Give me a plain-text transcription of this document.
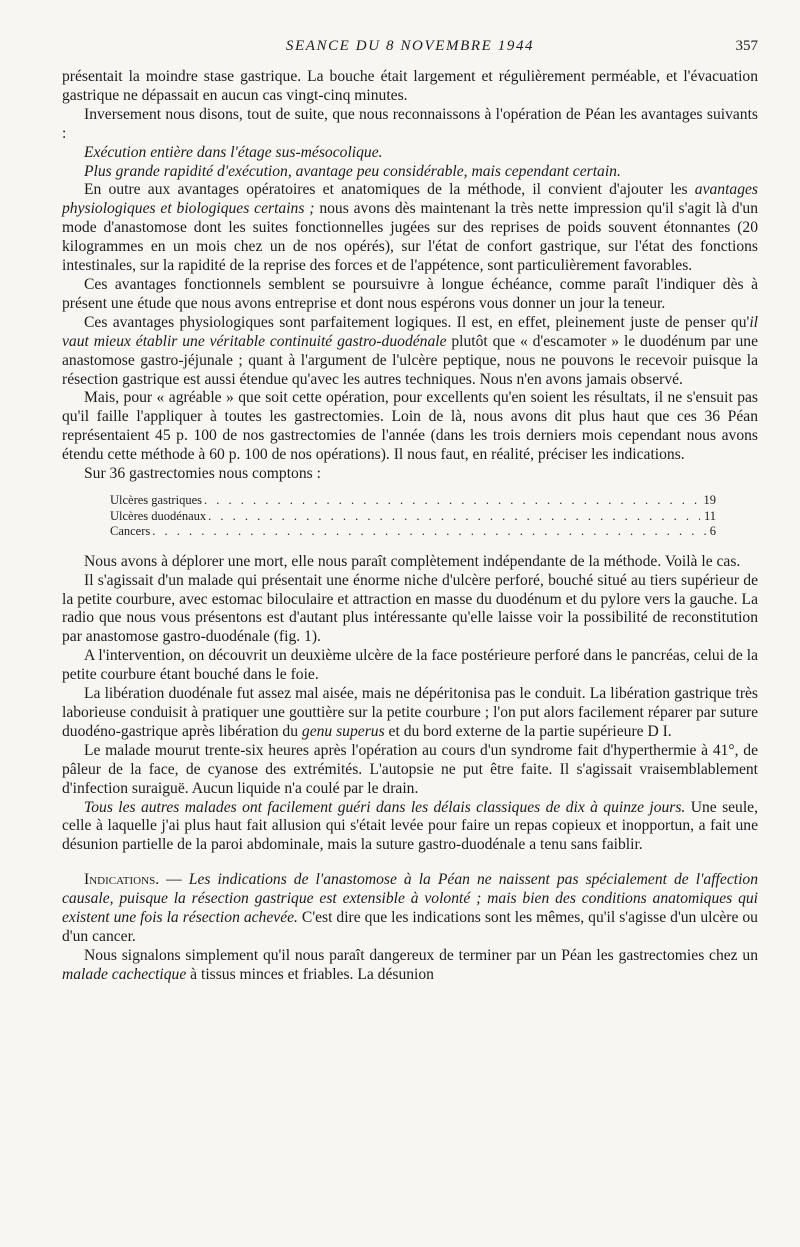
SEANCE DU 8 NOVEMBRE 1944	357

présentait la moindre stase gastrique. La bouche était largement et régulièrement perméable, et l'évacuation gastrique ne dépassait en aucun cas vingt-cinq minutes.

Inversement nous disons, tout de suite, que nous reconnaissons à l'opération de Péan les avantages suivants :

Exécution entière dans l'étage sus-mésocolique.

Plus grande rapidité d'exécution, avantage peu considérable, mais cependant certain.

En outre aux avantages opératoires et anatomiques de la méthode, il convient d'ajouter les avantages physiologiques et biologiques certains ; nous avons dès maintenant la très nette impression qu'il s'agit là d'un mode d'anastomose dont les suites fonctionnelles jugées sur des reprises de poids souvent étonnantes (20 kilogrammes en un mois chez un de nos opérés), sur l'état de confort gastrique, sur l'état des fonctions intestinales, sur la rapidité de la reprise des forces et de l'appétence, sont particulièrement favorables.

Ces avantages fonctionnels semblent se poursuivre à longue échéance, comme paraît l'indiquer dès à présent une étude que nous avons entreprise et dont nous espérons vous donner un jour la teneur.

Ces avantages physiologiques sont parfaitement logiques. Il est, en effet, pleinement juste de penser qu'il vaut mieux établir une véritable continuité gastro-duodénale plutôt que « d'escamoter » le duodénum par une anastomose gastro-jéjunale ; quant à l'argument de l'ulcère peptique, nous ne pouvons le recevoir puisque la résection gastrique est aussi étendue qu'avec les autres techniques. Nous n'en avons jamais observé.

Mais, pour « agréable » que soit cette opération, pour excellents qu'en soient les résultats, il ne s'ensuit pas qu'il faille l'appliquer à toutes les gastrectomies. Loin de là, nous avons dit plus haut que ces 36 Péan représentaient 45 p. 100 de nos gastrectomies de l'année (dans les trois derniers mois cependant nous avons étendu cette méthode à 60 p. 100 de nos opérations). Il nous faut, en réalité, préciser les indications.

Sur 36 gastrectomies nous comptons :

Ulcères gastriques . . .	19
Ulcères duodénaux . . .	11
Cancers . . .	6

Nous avons à déplorer une mort, elle nous paraît complètement indépendante de la méthode. Voilà le cas.

Il s'agissait d'un malade qui présentait une énorme niche d'ulcère perforé, bouché situé au tiers supérieur de la petite courbure, avec estomac biloculaire et attraction en masse du duodénum et du pylore vers la gauche. La radio que nous vous présentons est d'autant plus intéressante qu'elle laisse voir la possibilité de reconstitution par anastomose gastro-duodénale (fig. 1).

A l'intervention, on découvrit un deuxième ulcère de la face postérieure perforé dans le pancréas, celui de la petite courbure étant bouché dans le foie.

La libération duodénale fut assez mal aisée, mais ne dépéritonisa pas le conduit. La libération gastrique très laborieuse conduisit à pratiquer une gouttière sur la petite courbure ; l'on put alors facilement réparer par suture duodéno-gastrique après libération du genu superus et du bord externe de la partie supérieure D I.

Le malade mourut trente-six heures après l'opération au cours d'un syndrome fait d'hyperthermie à 41°, de pâleur de la face, de cyanose des extrémités. L'autopsie ne put être faite. Il s'agissait vraisemblablement d'infection suraiguë. Aucun liquide n'a coulé par le drain.

Tous les autres malades ont facilement guéri dans les délais classiques de dix à quinze jours. Une seule, celle à laquelle j'ai plus haut fait allusion qui s'était levée pour faire un repas copieux et inopportun, a fait une désunion partielle de la paroi abdominale, mais la suture gastro-duodénale a tenu sans faiblir.

Indications. — Les indications de l'anastomose à la Péan ne naissent pas spécialement de l'affection causale, puisque la résection gastrique est extensible à volonté ; mais bien des conditions anatomiques qui existent une fois la résection achevée. C'est dire que les indications sont les mêmes, qu'il s'agisse d'un ulcère ou d'un cancer.

Nous signalons simplement qu'il nous paraît dangereux de terminer par un Péan les gastrectomies chez un malade cachectique à tissus minces et friables. La désunion
